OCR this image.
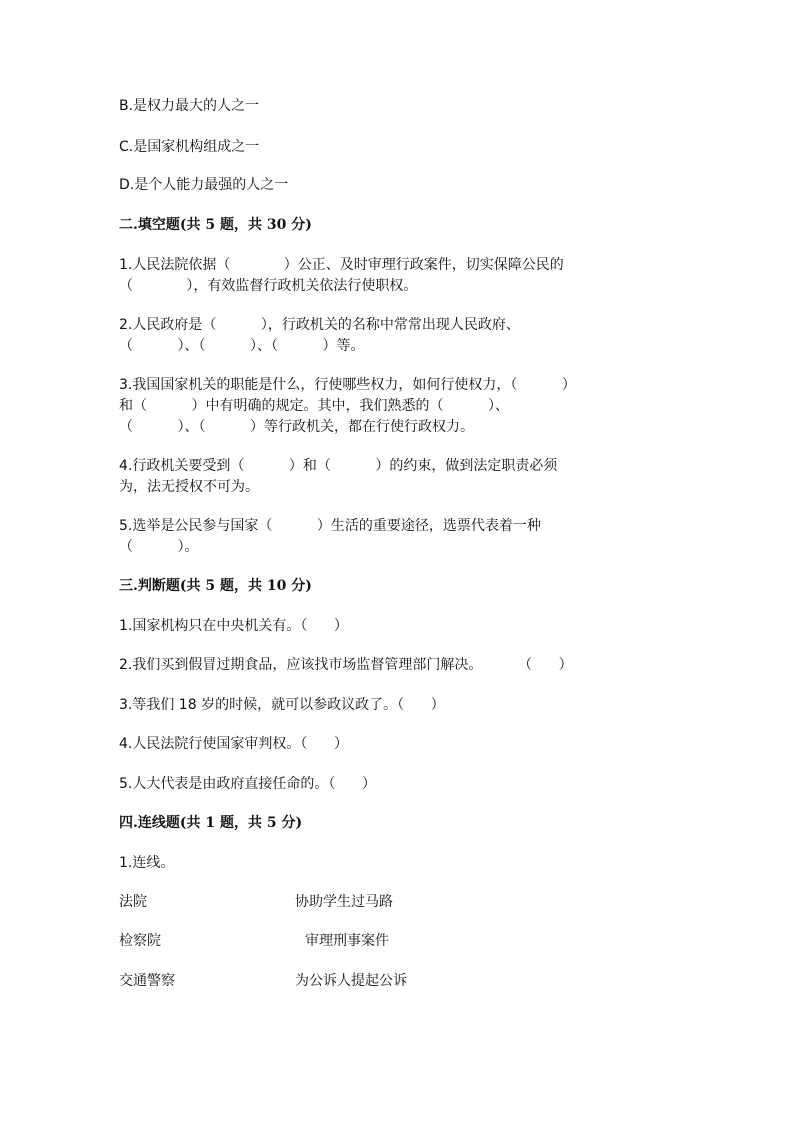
B.是权力最大的人之一
C.是国家机构组成之一
D.是个人能力最强的人之一
二.填空题(共 5 题，共 30 分)
1.人民法院依据（            ）公正、及时审理行政案件，切实保障公民的
（            ），有效监督行政机关依法行使职权。
2.人民政府是（          ），行政机关的名称中常常出现人民政府、
（          ）、（          ）、（          ）等。
3.我国国家机关的职能是什么，行使哪些权力，如何行使权力，（          ）
和（          ）中有明确的规定。其中，我们熟悉的（          ）、
（          ）、（          ）等行政机关，都在行使行政权力。
4.行政机关要受到（          ）和（          ）的约束，做到法定职责必须
为，法无授权不可为。
5.选举是公民参与国家（          ）生活的重要途径，选票代表着一种
（          ）。
三.判断题(共 5 题，共 10 分)
1.国家机构只在中央机关有。（      ）
2.我们买到假冒过期食品，应该找市场监督管理部门解决。        （      ）
3.等我们 18 岁的时候，就可以参政议政了。（      ）
4.人民法院行使国家审判权。（      ）
5.人大代表是由政府直接任命的。（      ）
四.连线题(共 1 题，共 5 分)
1.连线。
法院	协助学生过马路
检察院	审理刑事案件
交通警察	为公诉人提起公诉
